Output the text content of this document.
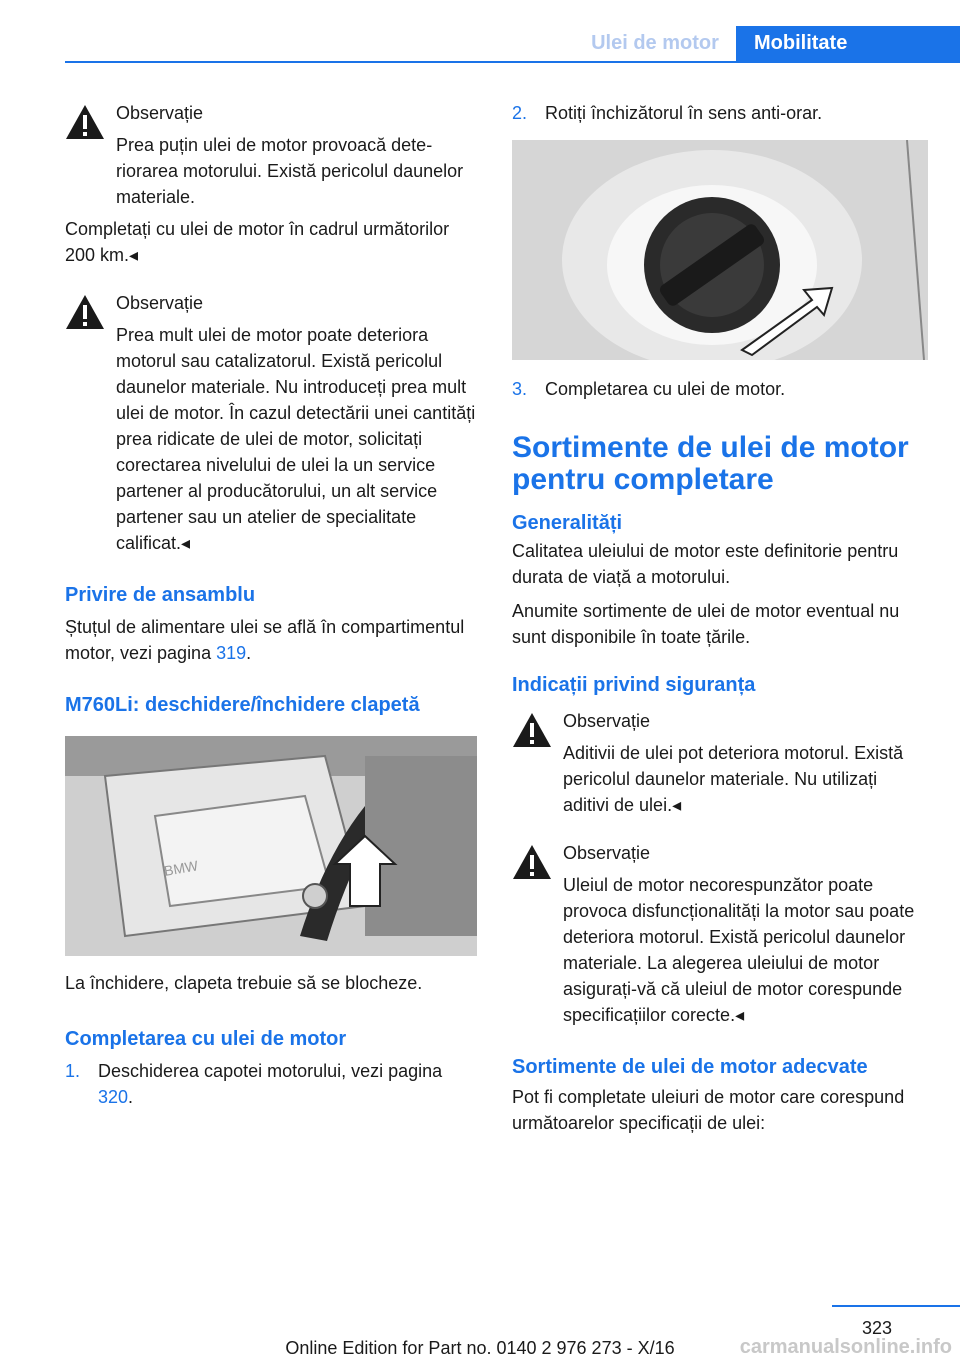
Ulei de motor	Mobilitate

Observație

Prea puțin ulei de motor provoacă deteriorarea motorului. Există pericolul daunelor materiale.

Completați cu ulei de motor în cadrul următorilor 200 km.◂

Observație

Prea mult ulei de motor poate deteriora motorul sau catalizatorul. Există pericolul daunelor materiale. Nu introduceți prea mult ulei de motor. În cazul detectării unei cantități prea ridicate de ulei de motor, solicitați corectarea nivelului de ulei la un service partener al producătorului, un alt service partener sau un atelier de specialitate calificat.◂

Privire de ansamblu

Ștuțul de alimentare ulei se află în compartimentul motor, vezi pagina 319.

M760Li: deschidere/închidere clapetă
BMW

La închidere, clapeta trebuie să se blocheze.

Completarea cu ulei de motor
1. Deschiderea capotei motorului, vezi pagina 320.
2. Rotiți închizătorul în sens anti-orar.
3. Completarea cu ulei de motor.
Sortimente de ulei de motor pentru completare
Generalități

Calitatea uleiului de motor este definitorie pentru durata de viață a motorului.

Anumite sortimente de ulei de motor eventual nu sunt disponibile în toate țările.

Indicații privind siguranța

Observație

Aditivii de ulei pot deteriora motorul. Există pericolul daunelor materiale. Nu utilizați aditivi de ulei.◂

Observație

Uleiul de motor necorespunzător poate provoca disfuncționalități la motor sau poate deteriora motorul. Există pericolul daunelor materiale. La alegerea uleiului de motor asigurați-vă că uleiul de motor corespunde specificațiilor corecte.◂

Sortimente de ulei de motor adecvate

Pot fi completate uleiuri de motor care corespund următoarelor specificații de ulei:

323
Online Edition for Part no. 0140 2 976 273 - X/16	carmanualsonline.info
